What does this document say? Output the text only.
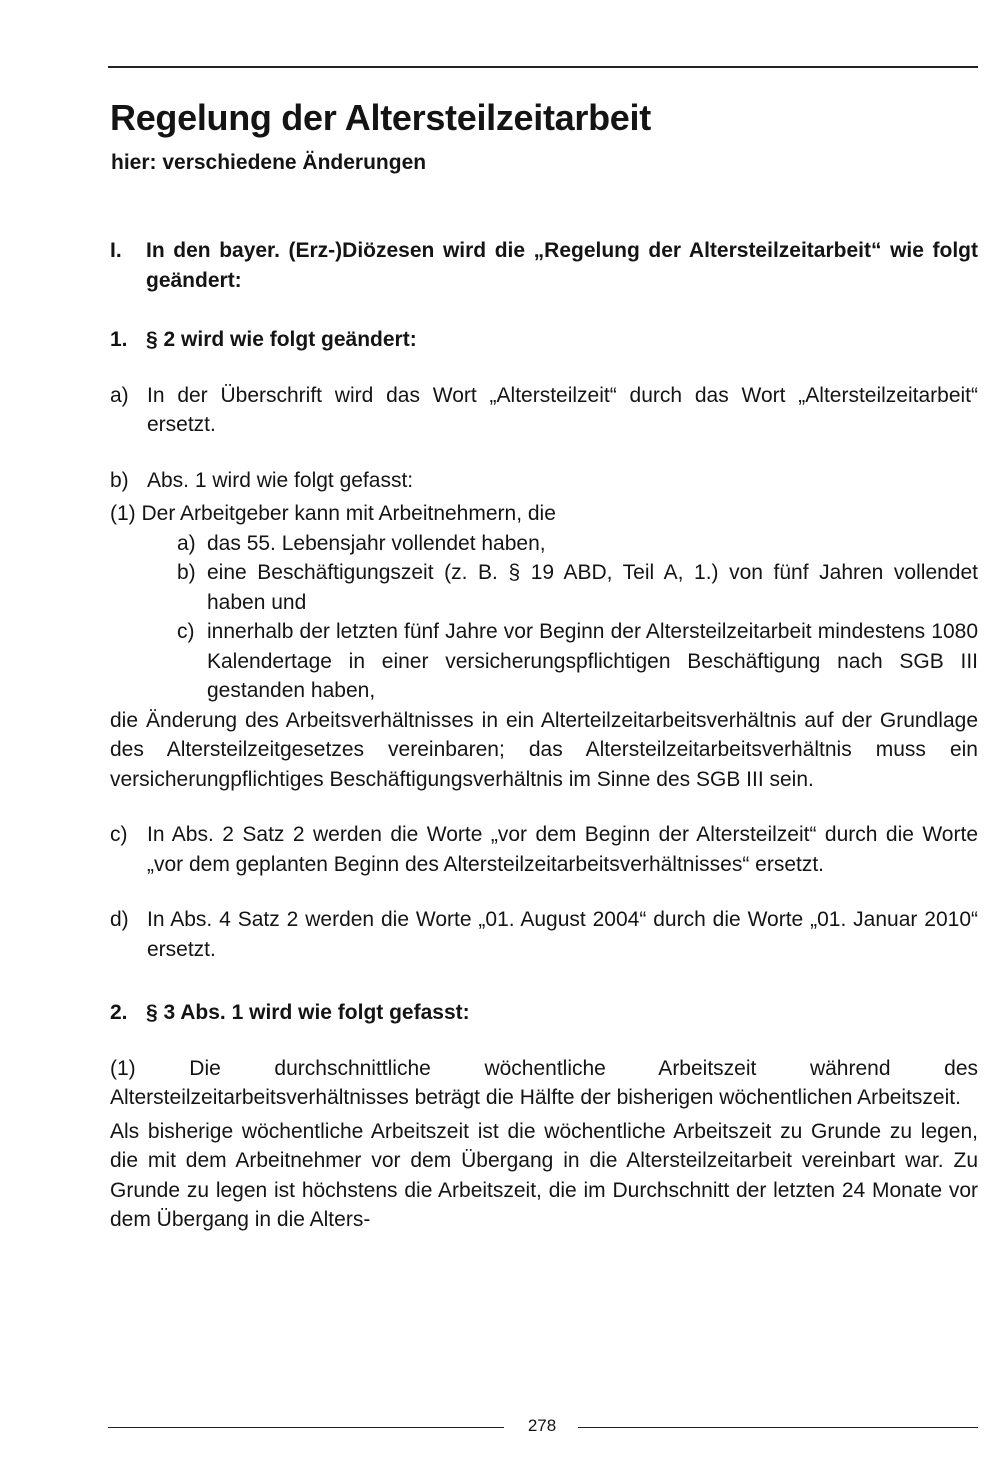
Regelung der Altersteilzeitarbeit
hier: verschiedene Änderungen
I.	In den bayer. (Erz-)Diözesen wird die „Regelung der Altersteilzeitarbeit“ wie folgt geändert:
1. § 2 wird wie folgt geändert:
a) In der Überschrift wird das Wort „Altersteilzeit“ durch das Wort „Altersteilzeitarbeit“ ersetzt.
b) Abs. 1 wird wie folgt gefasst:

(1) Der Arbeitgeber kann mit Arbeitnehmern, die

a) das 55. Lebensjahr vollendet haben,
b) eine Beschäftigungszeit (z. B. § 19 ABD, Teil A, 1.) von fünf Jahren vollendet haben und
c) innerhalb der letzten fünf Jahre vor Beginn der Altersteilzeitarbeit mindestens 1080 Kalendertage in einer versicherungspflichtigen Beschäftigung nach SGB III gestanden haben,

die Änderung des Arbeitsverhältnisses in ein Alterteilzeitarbeitsverhältnis auf der Grundlage des Altersteilzeitgesetzes vereinbaren; das Altersteilzeitarbeitsverhältnis muss ein versicherungpflichtiges Beschäftigungsverhältnis im Sinne des SGB III sein.

c) In Abs. 2 Satz 2 werden die Worte „vor dem Beginn der Altersteilzeit“ durch die Worte „vor dem geplanten Beginn des Altersteilzeitarbeitsverhältnisses“ ersetzt.
d) In Abs. 4 Satz 2 werden die Worte „01. August 2004“ durch die Worte „01. Januar 2010“ ersetzt.
2. § 3 Abs. 1 wird wie folgt gefasst:

(1) Die durchschnittliche wöchentliche Arbeitszeit während des Altersteilzeitarbeitsverhältnisses beträgt die Hälfte der bisherigen wöchentlichen Arbeitszeit.

Als bisherige wöchentliche Arbeitszeit ist die wöchentliche Arbeitszeit zu Grunde zu legen, die mit dem Arbeitnehmer vor dem Übergang in die Altersteilzeitarbeit vereinbart war. Zu Grunde zu legen ist höchstens die Arbeitszeit, die im Durchschnitt der letzten 24 Monate vor dem Übergang in die Alters-

278
